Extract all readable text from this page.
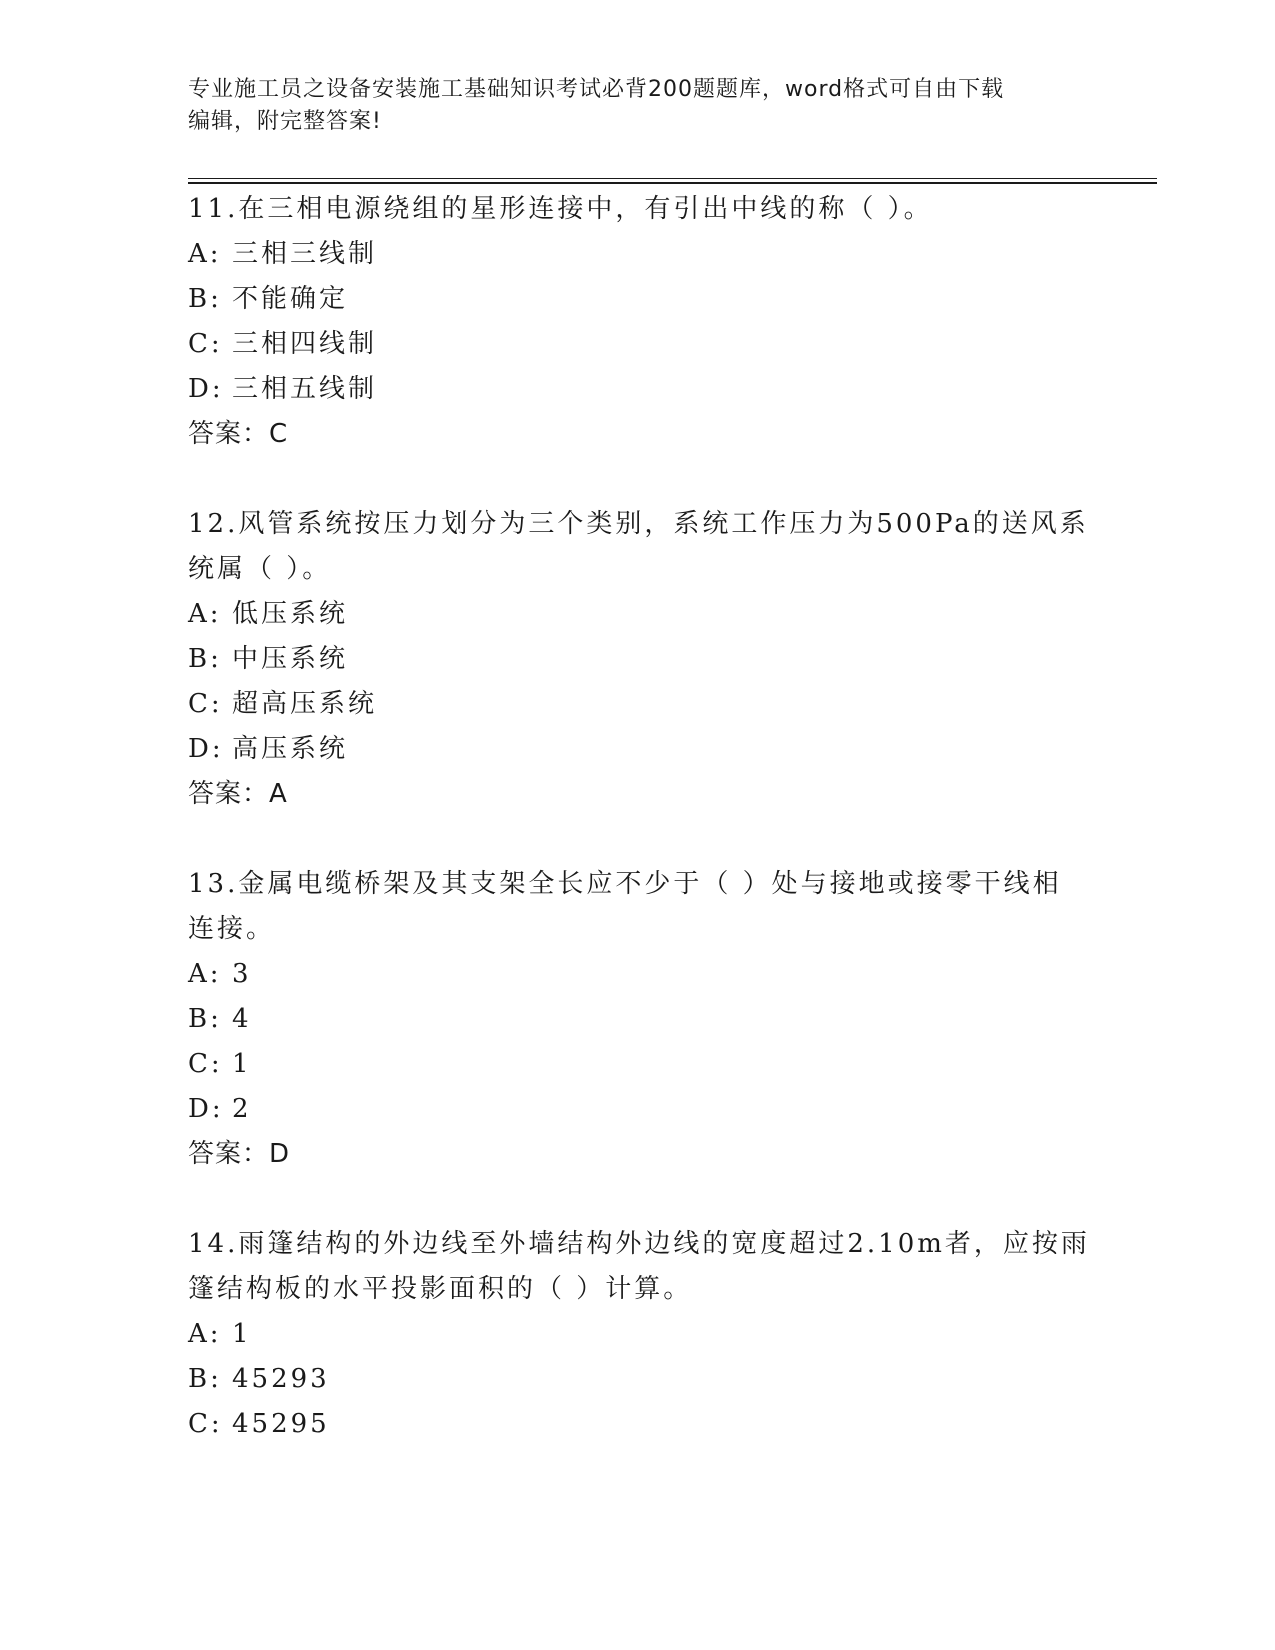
专业施工员之设备安装施工基础知识考试必背200题题库，word格式可自由下载
编辑，附完整答案!
11.在三相电源绕组的星形连接中，有引出中线的称（ ）。
A: 三相三线制
B: 不能确定
C: 三相四线制
D: 三相五线制
答案：C
12.风管系统按压力划分为三个类别，系统工作压力为500Pa的送风系
统属（ ）。
A: 低压系统
B: 中压系统
C: 超高压系统
D: 高压系统
答案：A
13.金属电缆桥架及其支架全长应不少于（ ）处与接地或接零干线相
连接。
A: 3
B: 4
C: 1
D: 2
答案：D
14.雨篷结构的外边线至外墙结构外边线的宽度超过2.10m者，应按雨
篷结构板的水平投影面积的（ ）计算。
A: 1
B: 45293
C: 45295
